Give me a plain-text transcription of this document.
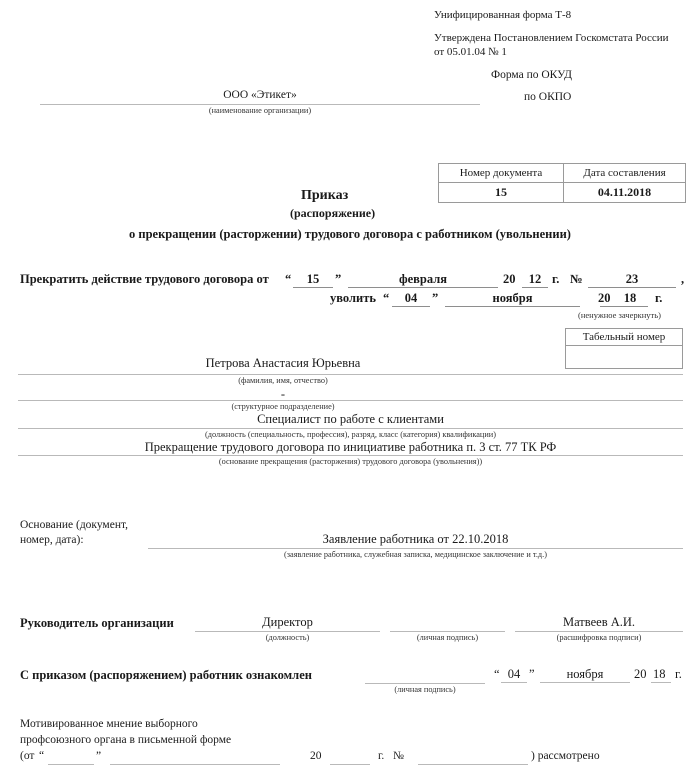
Унифицированная форма Т-8
Утверждена Постановлением Госкомстата России
от 05.01.04 № 1
Форма по ОКУД
по ОКПО
ООО «Этикет»
(наименование организации)
Номер документа	Дата составления
15	04.11.2018
Приказ
(распоряжение)
о прекращении (расторжении) трудового договора с работником (увольнении)
Прекратить действие трудового договора от “	15	”	февраля	20	12 г. №	23	,
уволить “	04	”	ноября	20	18	г.
(ненужное зачеркнуть)
Табельный номер
Петрова Анастасия Юрьевна
(фамилия, имя, отчество)
-
(структурное подразделение)
Специалист по работе с клиентами
(должность (специальность, профессия), разряд, класс (категория) квалификации)
Прекращение трудового договора по инициативе работника п. 3 ст. 77 ТК РФ
(основание прекращения (расторжения) трудового договора (увольнения))
Основание (документ,
номер, дата):	Заявление работника от 22.10.2018
(заявление работника, служебная записка, медицинское заключение и т.д.)
Руководитель организации	Директор
(должность)	(личная подпись)
Матвеев А.И.
(расшифровка подписи)
С приказом (распоряжением) работник ознакомлен
(личная подпись)
“ 04 ”	ноября	20 18 г.
Мотивированное мнение выборного
профсоюзного органа в письменной форме
(от “	”	20	г. №	) рассмотрено
